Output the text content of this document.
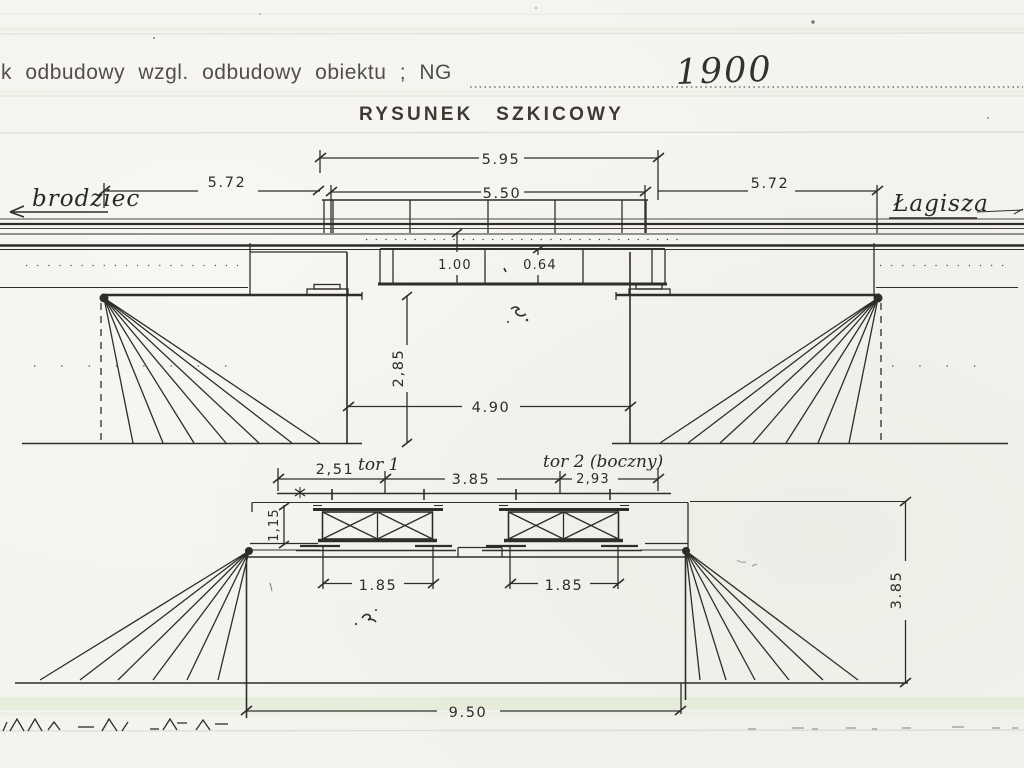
k odbudowy wzgl. odbudowy obiektu ; NG	1900
RYSUNEK SZKICOWY
5.95
5.50
5.72	5.72
brodziec	Łagisza
1.00	0.64
2,85
4.90
2,51 tor 1
3.85
tor 2 (boczny)
2,93
1,15
1.85	1.85	3.85
9.50
